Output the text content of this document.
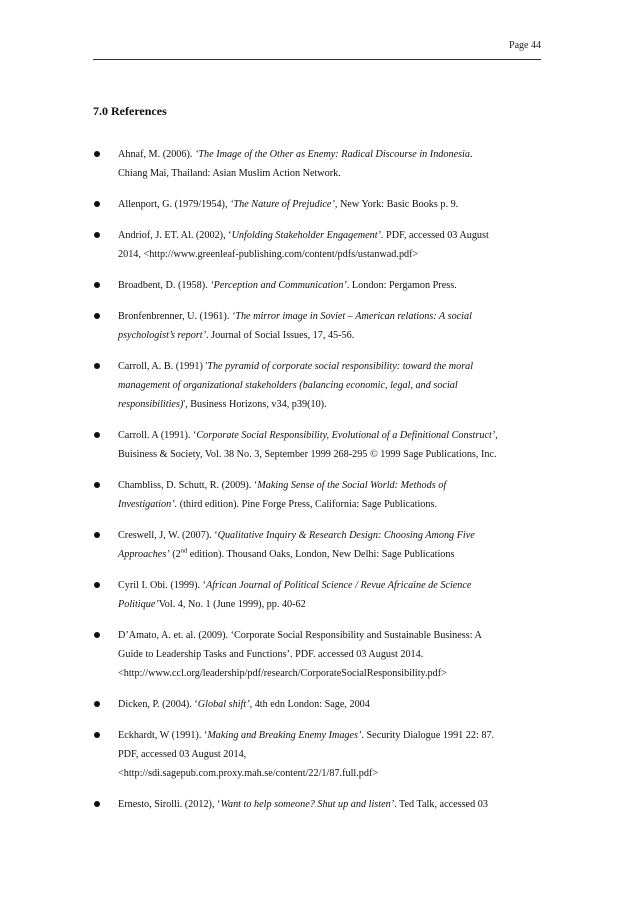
Page 44
7.0 References
Ahnaf, M. (2006). ‘The Image of the Other as Enemy: Radical Discourse in Indonesia.
Chiang Mai, Thailand: Asian Muslim Action Network.
Allenport, G. (1979/1954), ‘The Nature of Prejudice’, New York: Basic Books p. 9.
Andriof, J. ET. Al. (2002), ‘Unfolding Stakeholder Engagement’. PDF, accessed 03 August
2014, <http://www.greenleaf-publishing.com/content/pdfs/ustanwad.pdf>
Broadbent, D. (1958). ‘Perception and Communication’. London: Pergamon Press.
Bronfenbrenner, U. (1961). ‘The mirror image in Soviet – American relations: A social
psychologist’s report’. Journal of Social Issues, 17, 45-56.
Carroll, A. B. (1991) 'The pyramid of corporate social responsibility: toward the moral
management of organizational stakeholders (balancing economic, legal, and social
responsibilities)', Business Horizons, v34, p39(10).
Carroll. A (1991). ‘Corporate Social Responsibility, Evolutional of a Definitional Construct’,
Buisiness & Society, Vol. 38 No. 3, September 1999 268-295 © 1999 Sage Publications, Inc.
Chambliss, D. Schutt, R. (2009). ‘Making Sense of the Social World: Methods of
Investigation’. (third edition). Pine Forge Press, California: Sage Publications.
Creswell, J, W. (2007). ‘Qualitative Inquiry & Research Design: Choosing Among Five
Approaches’ (2nd edition). Thousand Oaks, London, New Delhi: Sage Publications
Cyril I. Obi. (1999). ‘African Journal of Political Science / Revue Africaine de Science
Politique’Vol. 4, No. 1 (June 1999), pp. 40-62
D’Amato, A. et. al. (2009). ‘Corporate Social Responsibility and Sustainable Business: A
Guide to Leadership Tasks and Functions’. PDF. accessed 03 August 2014.
<http://www.ccl.org/leadership/pdf/research/CorporateSocialResponsibility.pdf>
Dicken, P. (2004). ‘Global shift’, 4th edn London: Sage, 2004
Eckhardt, W (1991). ‘Making and Breaking Enemy Images’. Security Dialogue 1991 22: 87.
PDF, accessed 03 August 2014,
<http://sdi.sagepub.com.proxy.mah.se/content/22/1/87.full.pdf>
Ernesto, Sirolli. (2012), ‘Want to help someone? Shut up and listen’. Ted Talk, accessed 03
